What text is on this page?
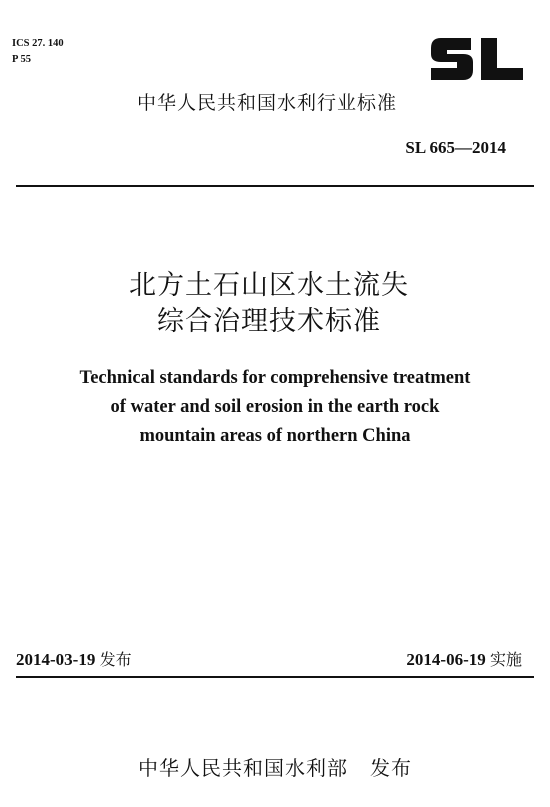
ICS 27. 140
P 55
中华人民共和国水利行业标准
SL 665—2014
北方土石山区水土流失
综合治理技术标准
Technical standards for comprehensive treatment
of water and soil erosion in the earth rock
mountain areas of northern China
2014-03-19 发布	2014-06-19 实施
中华人民共和国水利部 发布
